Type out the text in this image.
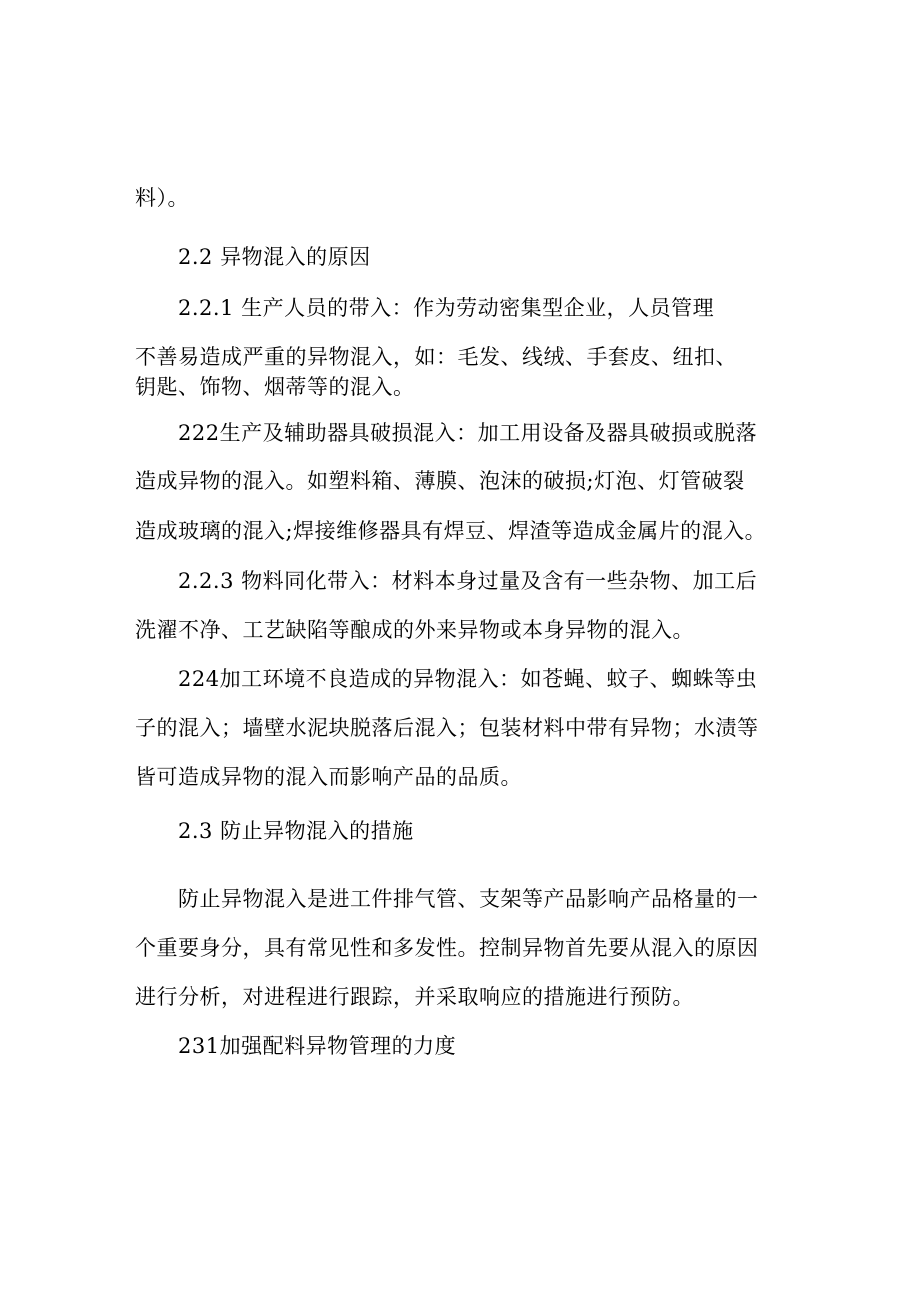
料）。
2.2 异物混入的原因
2.2.1 生产人员的带入：作为劳动密集型企业，人员管理
不善易造成严重的异物混入，如：毛发、线绒、手套皮、纽扣、
钥匙、饰物、烟蒂等的混入。
222生产及辅助器具破损混入：加工用设备及器具破损或脱落
造成异物的混入。如塑料箱、薄膜、泡沫的破损;灯泡、灯管破裂
造成玻璃的混入;焊接维修器具有焊豆、焊渣等造成金属片的混入。
2.2.3 物料同化带入：材料本身过量及含有一些杂物、加工后
洗濯不净、工艺缺陷等酿成的外来异物或本身异物的混入。
224加工环境不良造成的异物混入：如苍蝇、蚊子、蜘蛛等虫
子的混入；墙壁水泥块脱落后混入；包装材料中带有异物；水渍等
皆可造成异物的混入而影响产品的品质。
2.3 防止异物混入的措施
防止异物混入是进工件排气管、支架等产品影响产品格量的一
个重要身分，具有常见性和多发性。控制异物首先要从混入的原因
进行分析，对进程进行跟踪，并采取响应的措施进行预防。
231加强配料异物管理的力度
